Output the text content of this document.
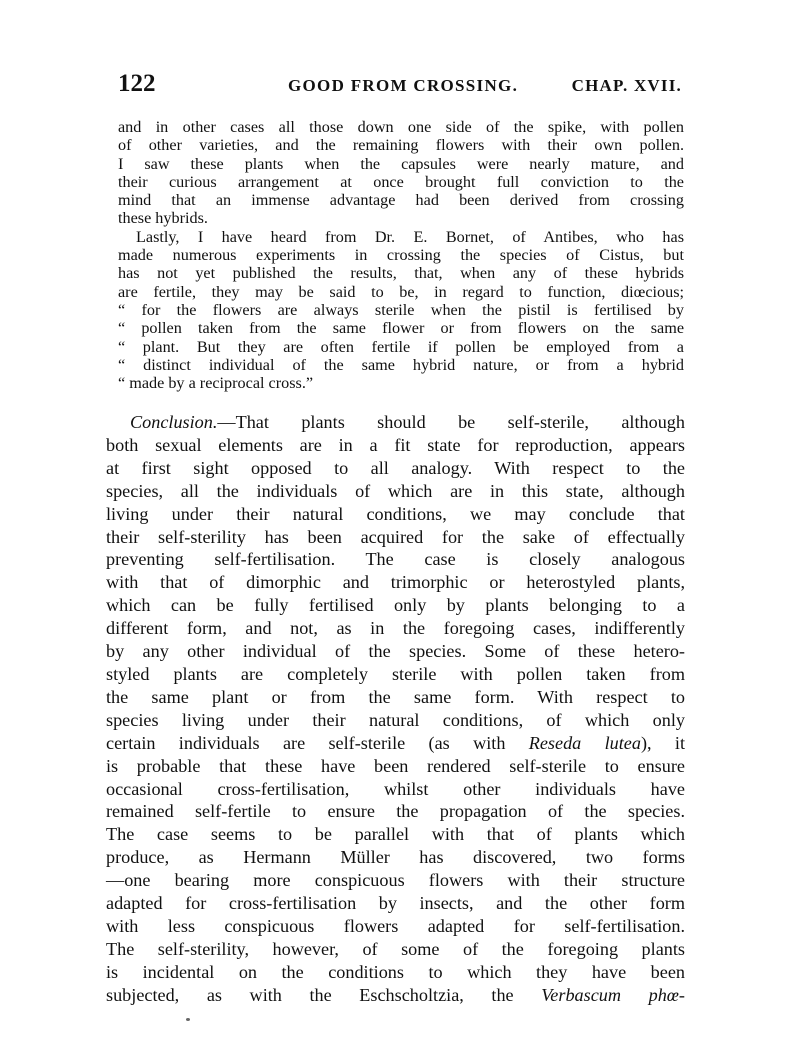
122	GOOD FROM CROSSING.	CHAP. XVII.
and in other cases all those down one side of the spike, with pollen
of other varieties, and the remaining flowers with their own pollen.
I saw these plants when the capsules were nearly mature, and
their curious arrangement at once brought full conviction to the
mind that an immense advantage had been derived from crossing
these hybrids.
Lastly, I have heard from Dr. E. Bornet, of Antibes, who has
made numerous experiments in crossing the species of Cistus, but
has not yet published the results, that, when any of these hybrids
are fertile, they may be said to be, in regard to function, diœcious;
“ for the flowers are always sterile when the pistil is fertilised by
“ pollen taken from the same flower or from flowers on the same
“ plant. But they are often fertile if pollen be employed from a
“ distinct individual of the same hybrid nature, or from a hybrid
“ made by a reciprocal cross.”
Conclusion.—That plants should be self-sterile, although
both sexual elements are in a fit state for reproduction, appears
at first sight opposed to all analogy. With respect to the
species, all the individuals of which are in this state, although
living under their natural conditions, we may conclude that
their self-sterility has been acquired for the sake of effectually
preventing self-fertilisation. The case is closely analogous
with that of dimorphic and trimorphic or heterostyled plants,
which can be fully fertilised only by plants belonging to a
different form, and not, as in the foregoing cases, indifferently
by any other individual of the species. Some of these hetero-
styled plants are completely sterile with pollen taken from
the same plant or from the same form. With respect to
species living under their natural conditions, of which only
certain individuals are self-sterile (as with Reseda lutea), it
is probable that these have been rendered self-sterile to ensure
occasional cross-fertilisation, whilst other individuals have
remained self-fertile to ensure the propagation of the species.
The case seems to be parallel with that of plants which
produce, as Hermann Müller has discovered, two forms
—one bearing more conspicuous flowers with their structure
adapted for cross-fertilisation by insects, and the other form
with less conspicuous flowers adapted for self-fertilisation.
The self-sterility, however, of some of the foregoing plants
is incidental on the conditions to which they have been
subjected, as with the Eschscholtzia, the Verbascum phœ-
